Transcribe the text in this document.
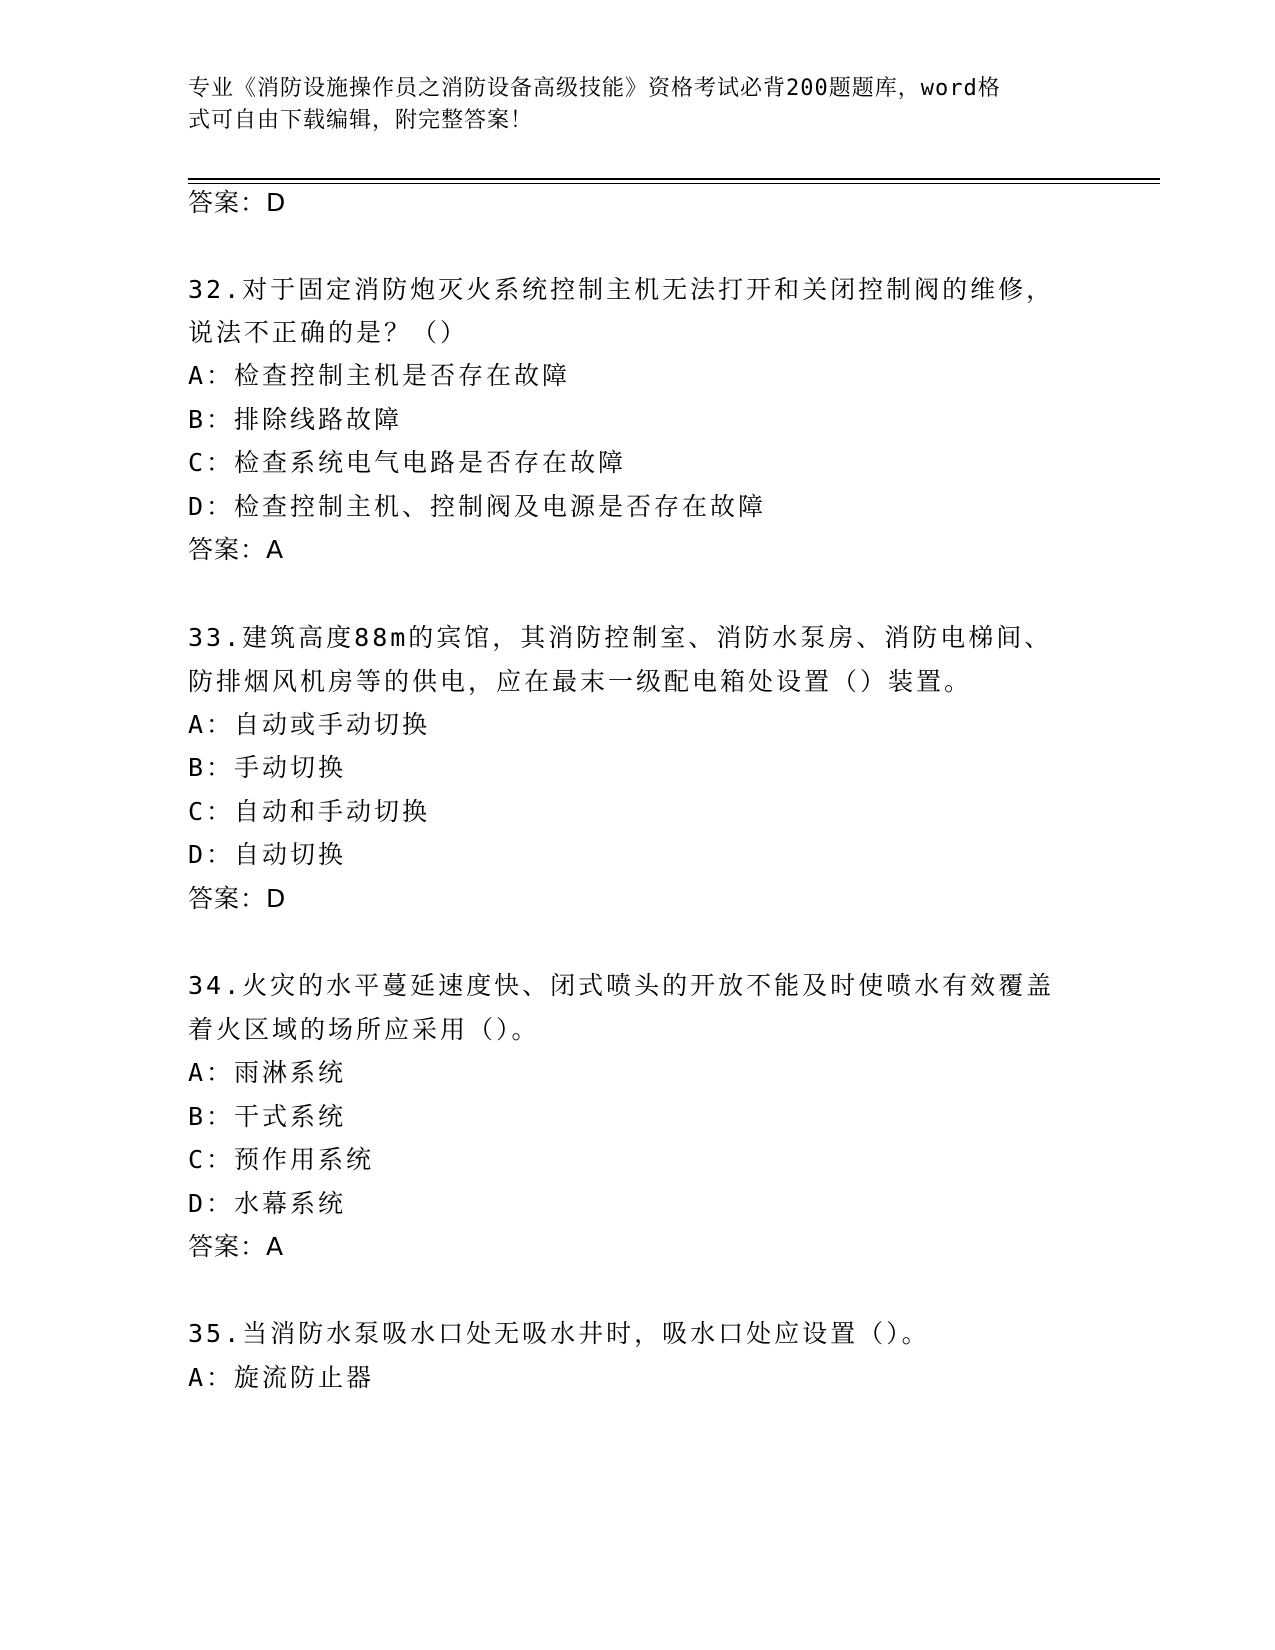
专业《消防设施操作员之消防设备高级技能》资格考试必背200题题库，word格
式可自由下载编辑，附完整答案！
答案：D
32.对于固定消防炮灭火系统控制主机无法打开和关闭控制阀的维修，
说法不正确的是？（）
A：检查控制主机是否存在故障
B：排除线路故障
C：检查系统电气电路是否存在故障
D：检查控制主机、控制阀及电源是否存在故障
答案：A
33.建筑高度88m的宾馆，其消防控制室、消防水泵房、消防电梯间、
防排烟风机房等的供电，应在最末一级配电箱处设置（）装置。
A：自动或手动切换
B：手动切换
C：自动和手动切换
D：自动切换
答案：D
34.火灾的水平蔓延速度快、闭式喷头的开放不能及时使喷水有效覆盖
着火区域的场所应采用（）。
A：雨淋系统
B：干式系统
C：预作用系统
D：水幕系统
答案：A
35.当消防水泵吸水口处无吸水井时，吸水口处应设置（）。
A：旋流防止器
